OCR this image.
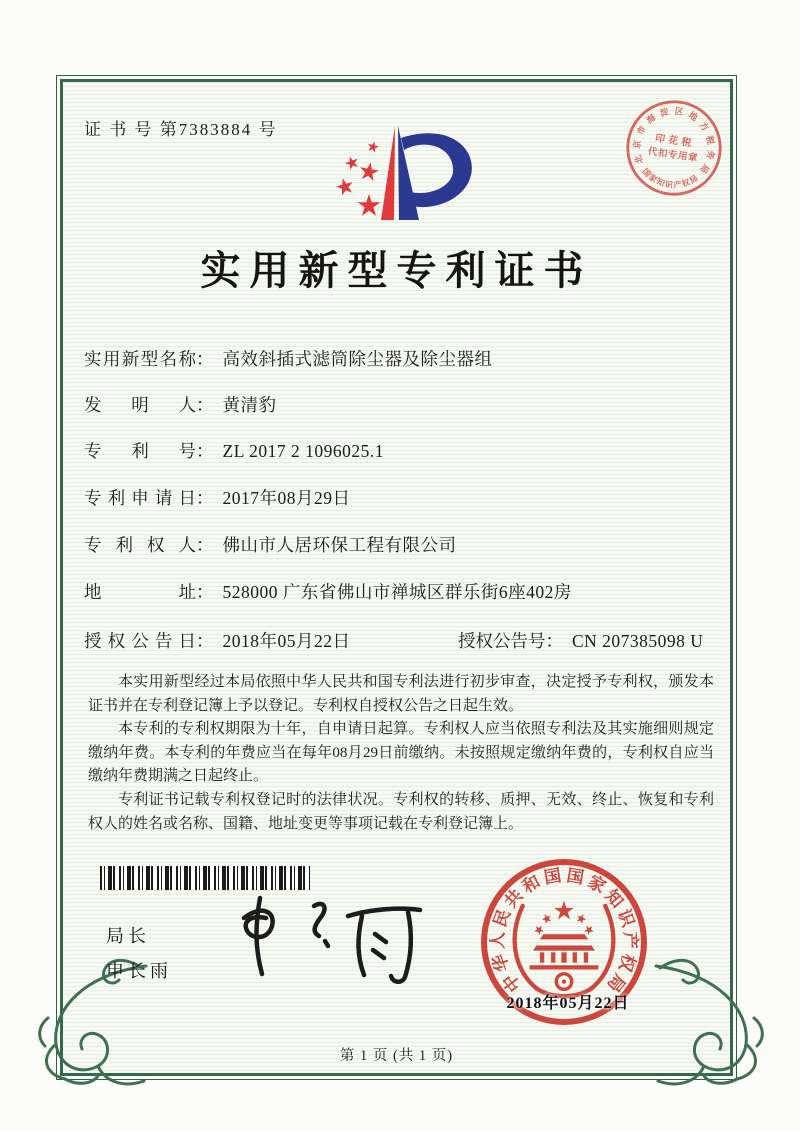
证 书 号 第7383884 号
实用新型专利证书
实用新型名称： 高效斜插式滤筒除尘器及除尘器组
发明人： 黄清豹
专利号： ZL 2017 2 1096025.1
专利申请日： 2017年08月29日
专利权人： 佛山市人居环保工程有限公司
地址： 528000 广东省佛山市禅城区群乐街6座402房
授权公告日： 2018年05月22日	授权公告号： CN 207385098 U

本实用新型经过本局依照中华人民共和国专利法进行初步审查，决定授予专利权，颁发本证书并在专利登记簿上予以登记。专利权自授权公告之日起生效。

本专利的专利权期限为十年，自申请日起算。专利权人应当依照专利法及其实施细则规定缴纳年费。本专利的年费应当在每年08月29日前缴纳。未按照规定缴纳年费的，专利权自应当缴纳年费期满之日起终止。

专利证书记载专利权登记时的法律状况。专利权的转移、质押、无效、终止、恢复和专利权人的姓名或名称、国籍、地址变更等事项记载在专利登记簿上。

局长
申长雨	中
华
人
民
共
和 国 国 家
知
识
产
权
局
2018年05月22日
印花税
代扣专用章
北
京
市
海
淀 区 地
方
税
务
局
国
家
知
识 产
权
局
第 1 页 (共 1 页)
